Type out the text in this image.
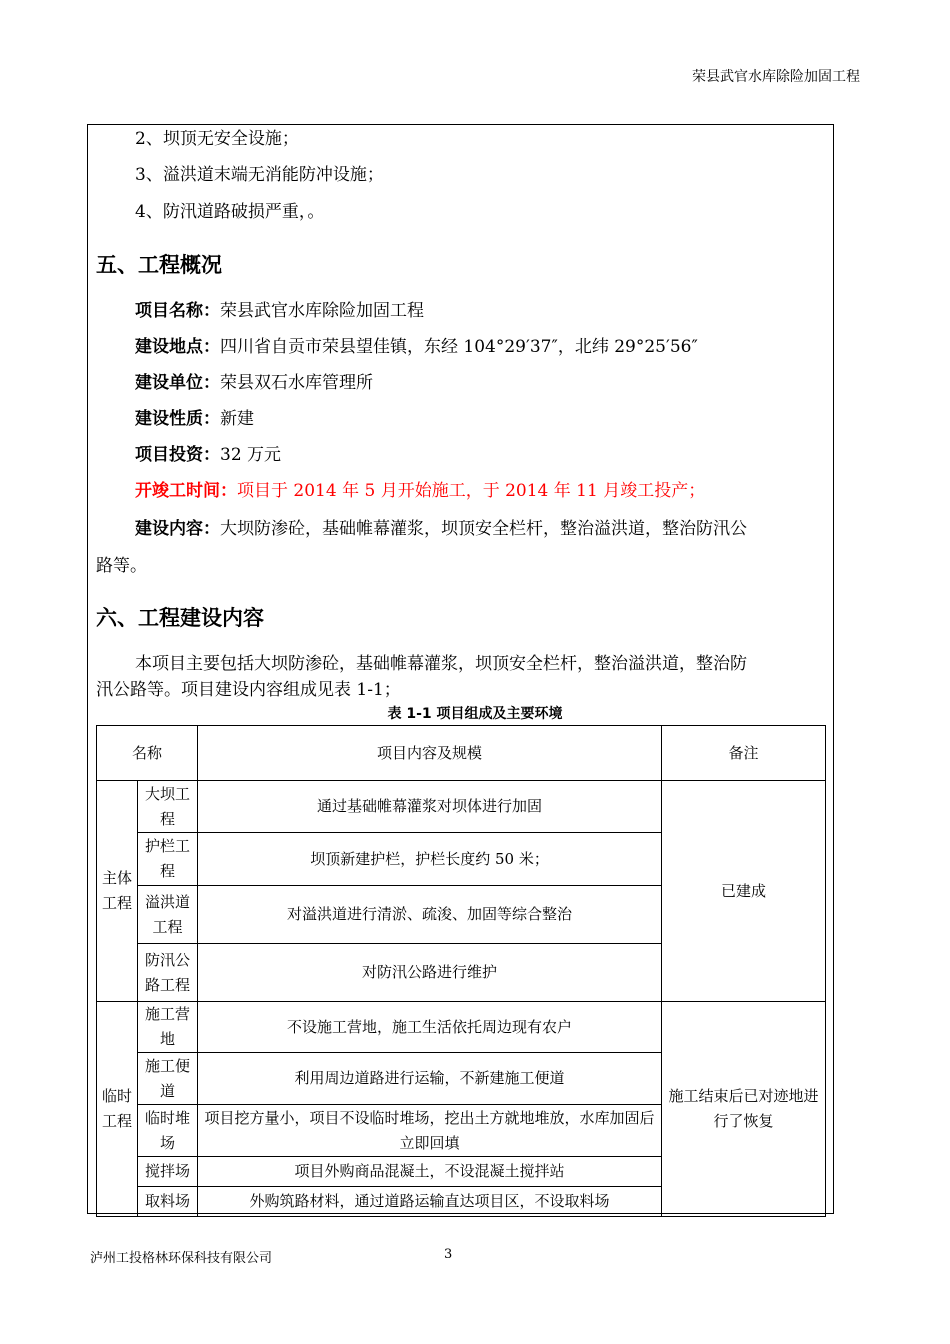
荣县武官水库除险加固工程
2、坝顶无安全设施；
3、溢洪道末端无消能防冲设施；
4、防汛道路破损严重，。
五、工程概况
项目名称：荣县武官水库除险加固工程
建设地点：四川省自贡市荣县望佳镇，东经 104°29′37″，北纬 29°25′56″
建设单位：荣县双石水库管理所
建设性质：新建
项目投资：32 万元
开竣工时间：项目于 2014 年 5 月开始施工，于 2014 年 11 月竣工投产；
建设内容：大坝防渗砼，基础帷幕灌浆，坝顶安全栏杆，整治溢洪道，整治防汛公
路等。
六、工程建设内容
本项目主要包括大坝防渗砼，基础帷幕灌浆，坝顶安全栏杆，整治溢洪道，整治防
汛公路等。项目建设内容组成见表 1-1；
表 1-1 项目组成及主要环境
名称		项目内容及规模	备注
主体工程	大坝工程	通过基础帷幕灌浆对坝体进行加固	已建成
	护栏工程	坝顶新建护栏，护栏长度约 50 米；	
	溢洪道工程	对溢洪道进行清淤、疏浚、加固等综合整治	
	防汛公路工程	对防汛公路进行维护	
临时工程	施工营地	不设施工营地，施工生活依托周边现有农户	施工结束后已对迹地进行了恢复
	施工便道	利用周边道路进行运输，不新建施工便道	
	临时堆场	项目挖方量小，项目不设临时堆场，挖出土方就地堆放，水库加固后立即回填	
	搅拌场	项目外购商品混凝土，不设混凝土搅拌站	
	取料场	外购筑路材料，通过道路运输直达项目区，不设取料场	
泸州工投格林环保科技有限公司	3
